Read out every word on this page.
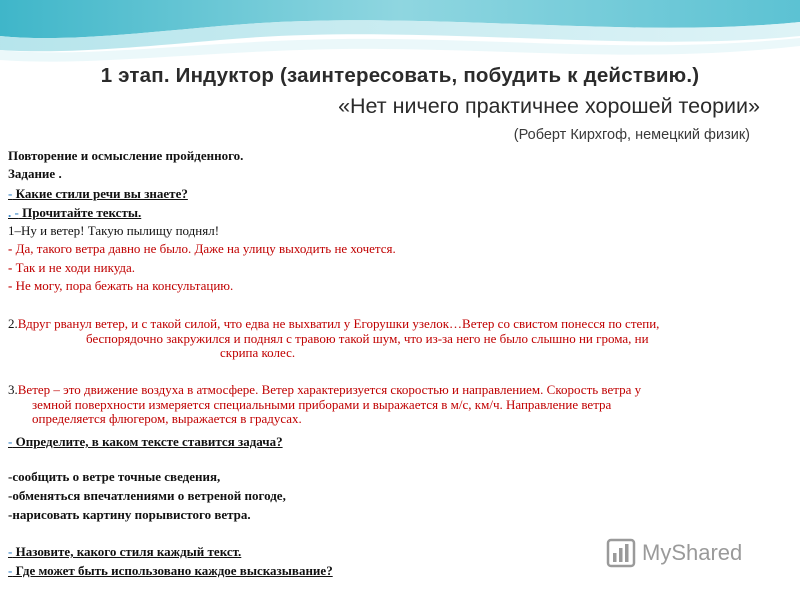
1 этап. Индуктор (заинтересовать, побудить к действию.)
«Нет ничего практичнее хорошей теории»
(Роберт Кирхгоф, немецкий физик)
Повторение и осмысление пройденного.
Задание .
- Какие стили речи вы знаете?
. - Прочитайте тексты.
1–Ну и ветер! Такую пылищу поднял!
- Да, такого ветра давно не было. Даже на улицу выходить не хочется.
- Так и не ходи никуда.
- Не могу, пора бежать на консультацию.
2.Вдруг рванул ветер, и с такой силой, что едва не выхватил у Егорушки узелок…Ветер со свистом понесся по степи,
беспорядочно закружился и поднял с травою такой шум, что из-за него не было слышно ни грома, ни
скрипа колес.
3.Ветер – это движение воздуха в атмосфере. Ветер характеризуется скоростью и направлением. Скорость ветра у
земной поверхности измеряется специальными приборами и выражается в м/с, км/ч. Направление ветра
определяется флюгером, выражается в градусах.
- Определите, в каком тексте ставится задача?
-сообщить о ветре точные сведения,
-обменяться впечатлениями о ветреной погоде,
-нарисовать картину порывистого ветра.
- Назовите, какого стиля каждый текст.
- Где может быть использовано каждое высказывание?
MyShared
